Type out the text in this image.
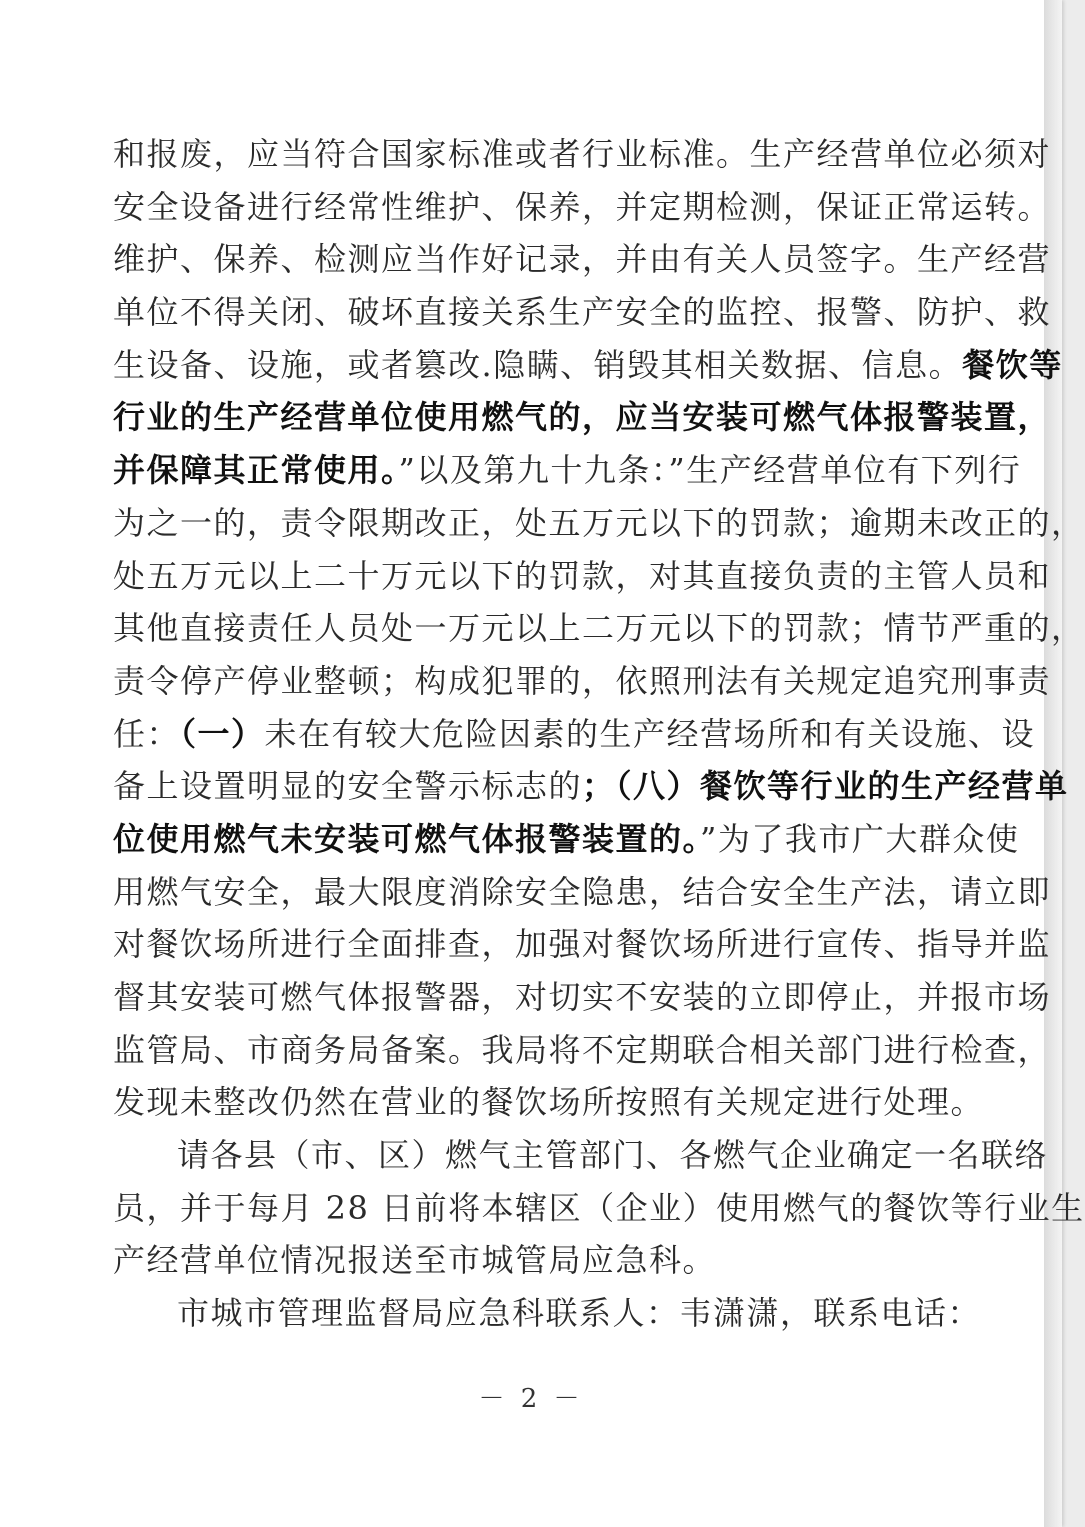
和报废，应当符合国家标准或者行业标准。生产经营单位必须对
安全设备进行经常性维护、保养，并定期检测，保证正常运转。
维护、保养、检测应当作好记录，并由有关人员签字。生产经营
单位不得关闭、破坏直接关系生产安全的监控、报警、防护、救
生设备、设施，或者篡改.隐瞒、销毁其相关数据、信息。餐饮等
行业的生产经营单位使用燃气的，应当安装可燃气体报警装置，
并保障其正常使用。”以及第九十九条：”生产经营单位有下列行
为之一的，责令限期改正，处五万元以下的罚款；逾期未改正的，
处五万元以上二十万元以下的罚款，对其直接负责的主管人员和
其他直接责任人员处一万元以上二万元以下的罚款；情节严重的，
责令停产停业整顿；构成犯罪的，依照刑法有关规定追究刑事责
任：（一）未在有较大危险因素的生产经营场所和有关设施、设
备上设置明显的安全警示标志的；（八）餐饮等行业的生产经营单
位使用燃气未安装可燃气体报警装置的。”为了我市广大群众使
用燃气安全，最大限度消除安全隐患，结合安全生产法，请立即
对餐饮场所进行全面排查，加强对餐饮场所进行宣传、指导并监
督其安装可燃气体报警器，对切实不安装的立即停止，并报市场
监管局、市商务局备案。我局将不定期联合相关部门进行检查，
发现未整改仍然在营业的餐饮场所按照有关规定进行处理。
请各县（市、区）燃气主管部门、各燃气企业确定一名联络
员，并于每月 28 日前将本辖区（企业）使用燃气的餐饮等行业生
产经营单位情况报送至市城管局应急科。
市城市管理监督局应急科联系人：韦潇潇，联系电话：
－ 2 －
